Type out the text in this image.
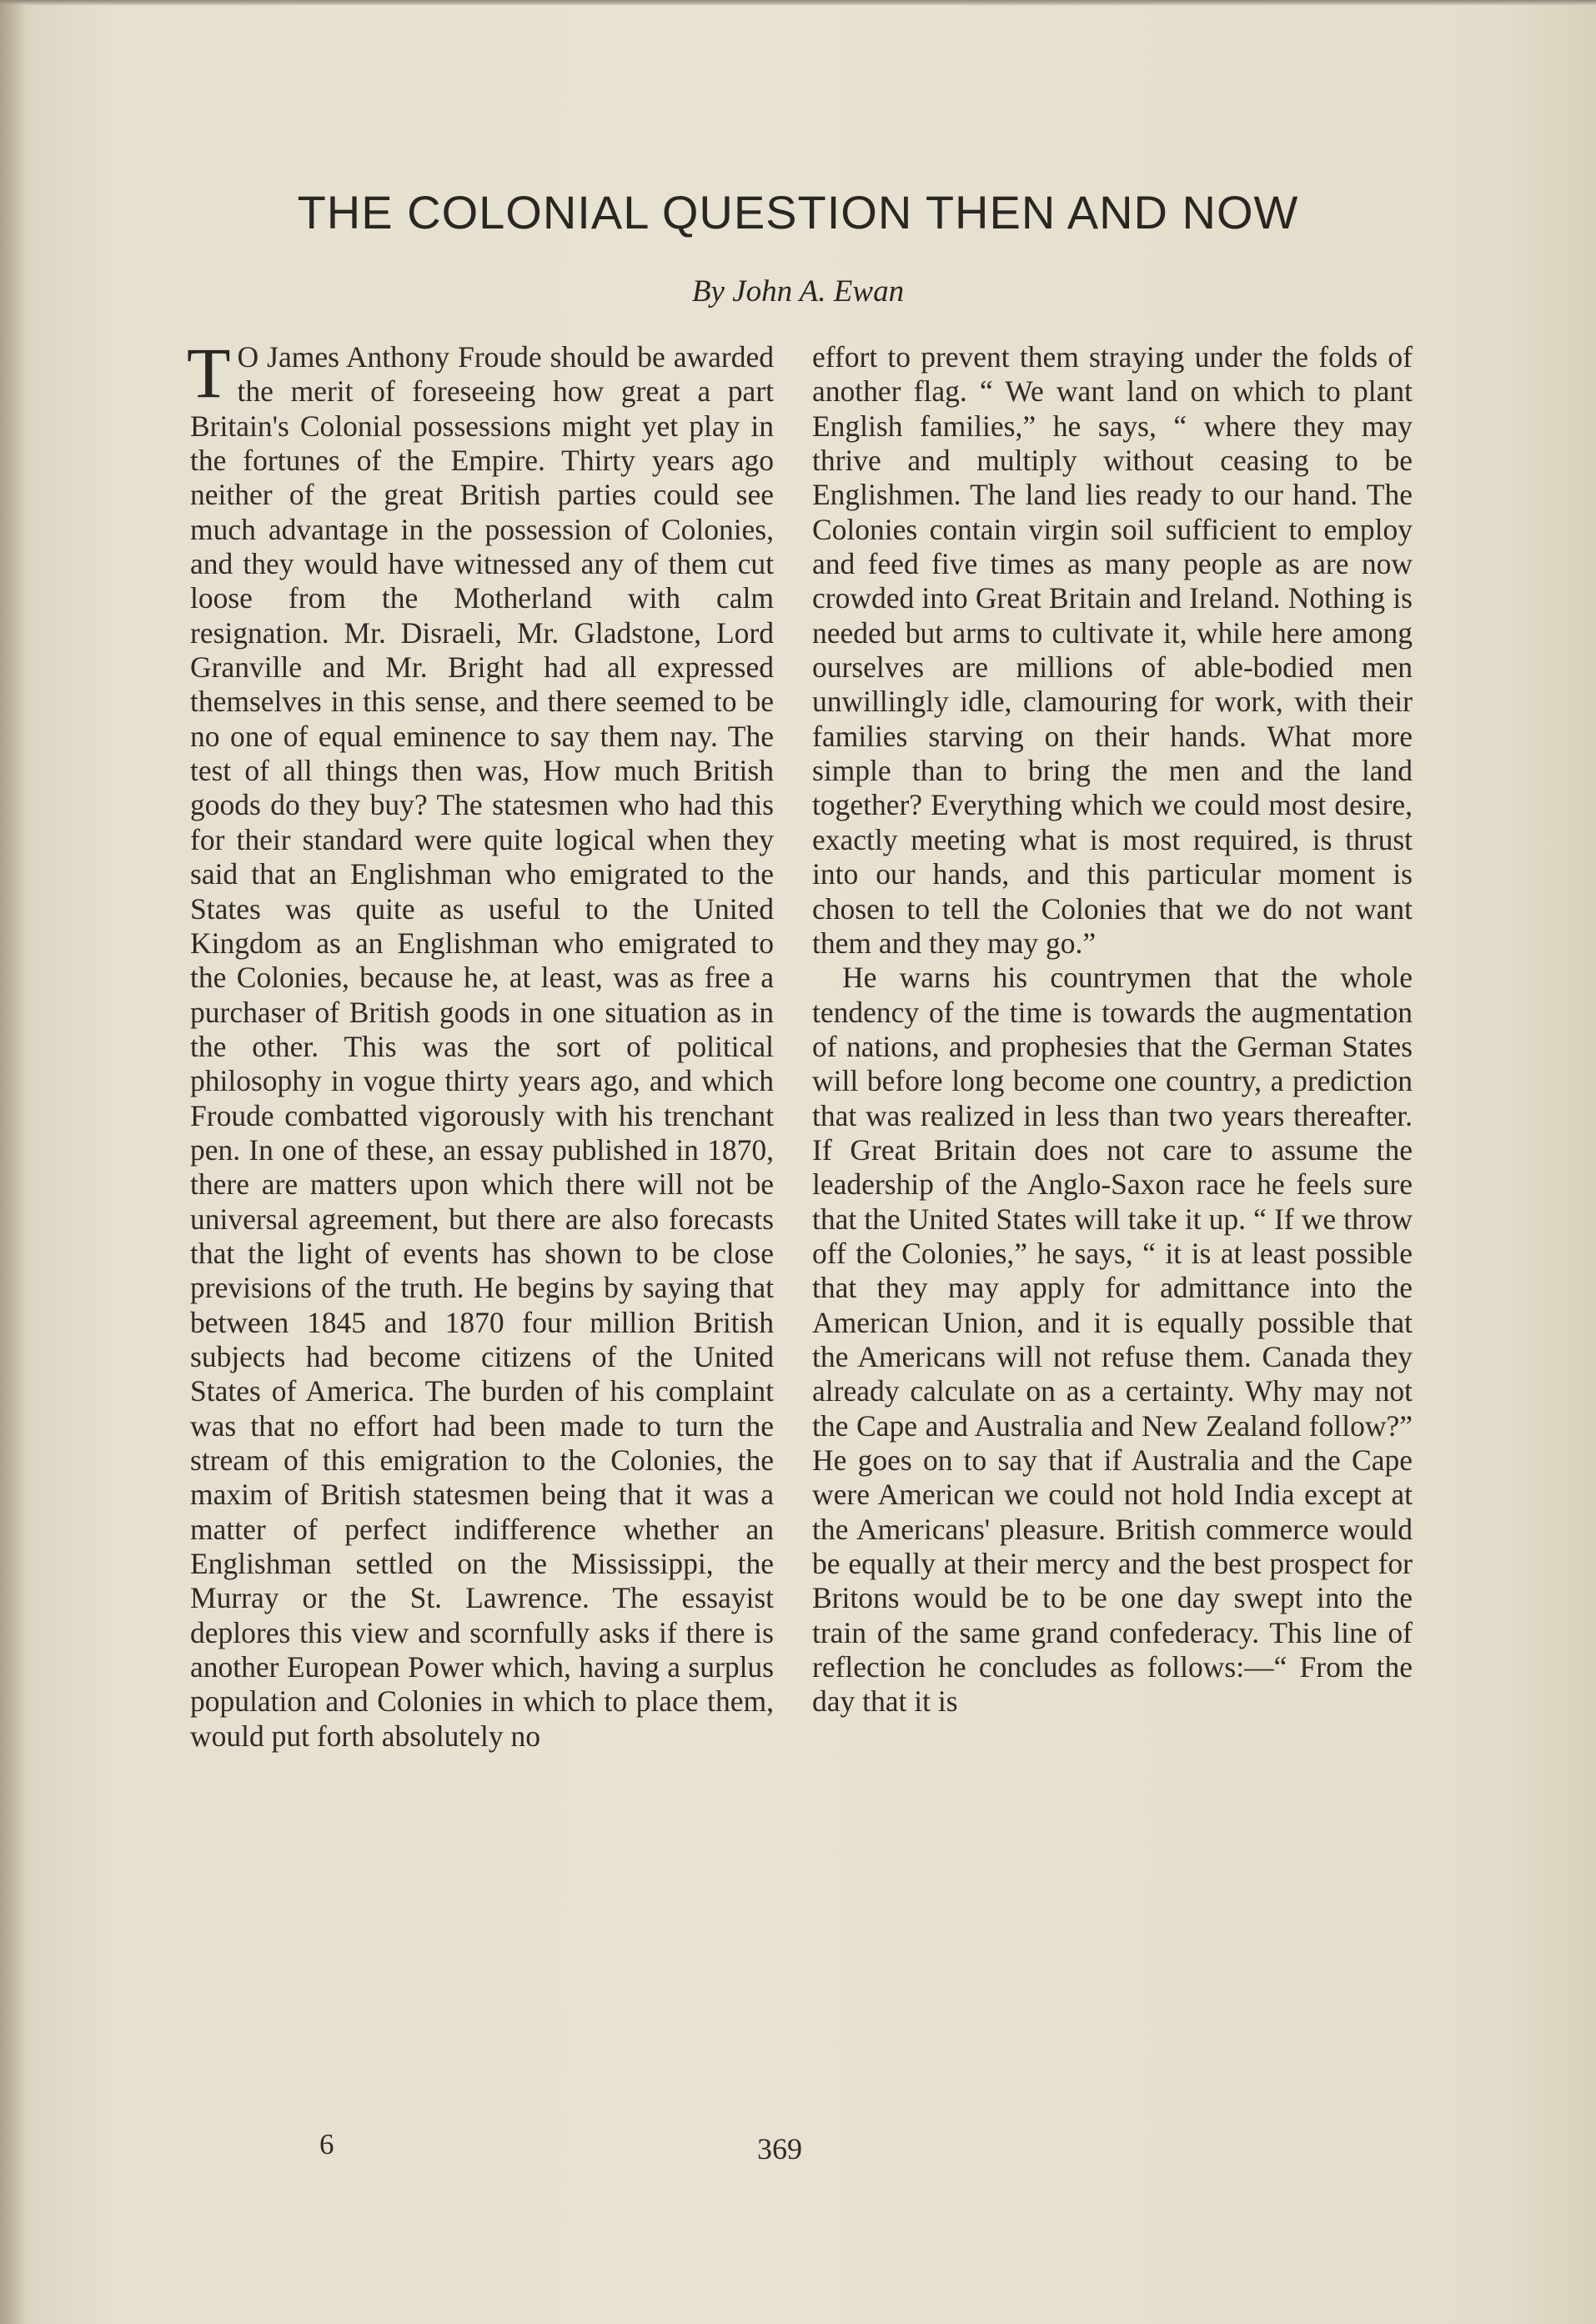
THE COLONIAL QUESTION THEN AND NOW
By John A. Ewan

T O James Anthony Froude should be awarded the merit of foreseeing how great a part Britain's Colonial possessions might yet play in the fortunes of the Empire. Thirty years ago neither of the great British parties could see much advantage in the possession of Colonies, and they would have witnessed any of them cut loose from the Motherland with calm resignation. Mr. Disraeli, Mr. Gladstone, Lord Granville and Mr. Bright had all expressed themselves in this sense, and there seemed to be no one of equal eminence to say them nay. The test of all things then was, How much British goods do they buy? The statesmen who had this for their standard were quite logical when they said that an Englishman who emigrated to the States was quite as useful to the United Kingdom as an Englishman who emigrated to the Colonies, because he, at least, was as free a purchaser of British goods in one situation as in the other. This was the sort of political philosophy in vogue thirty years ago, and which Froude combatted vigorously with his trenchant pen. In one of these, an essay published in 1870, there are matters upon which there will not be universal agreement, but there are also forecasts that the light of events has shown to be close previsions of the truth. He begins by saying that between 1845 and 1870 four million British subjects had become citizens of the United States of America. The burden of his complaint was that no effort had been made to turn the stream of this emigration to the Colonies, the maxim of British statesmen being that it was a matter of perfect indifference whether an Englishman settled on the Mississippi, the Murray or the St. Lawrence. The essayist deplores this view and scornfully asks if there is another European Power which, having a surplus population and Colonies in which to place them, would put forth absolutely no

effort to prevent them straying under the folds of another flag. “ We want land on which to plant English families,” he says, “ where they may thrive and multiply without ceasing to be Englishmen. The land lies ready to our hand. The Colonies contain virgin soil sufficient to employ and feed five times as many people as are now crowded into Great Britain and Ireland. Nothing is needed but arms to cultivate it, while here among ourselves are millions of able-bodied men unwillingly idle, clamouring for work, with their families starving on their hands. What more simple than to bring the men and the land together? Everything which we could most desire, exactly meeting what is most required, is thrust into our hands, and this particular moment is chosen to tell the Colonies that we do not want them and they may go.”

He warns his countrymen that the whole tendency of the time is towards the augmentation of nations, and prophesies that the German States will before long become one country, a prediction that was realized in less than two years thereafter. If Great Britain does not care to assume the leadership of the Anglo-Saxon race he feels sure that the United States will take it up. “ If we throw off the Colonies,” he says, “ it is at least possible that they may apply for admittance into the American Union, and it is equally possible that the Americans will not refuse them. Canada they already calculate on as a certainty. Why may not the Cape and Australia and New Zealand follow?” He goes on to say that if Australia and the Cape were American we could not hold India except at the Americans' pleasure. British commerce would be equally at their mercy and the best prospect for Britons would be to be one day swept into the train of the same grand confederacy. This line of reflection he concludes as follows:—“ From the day that it is

6	369
